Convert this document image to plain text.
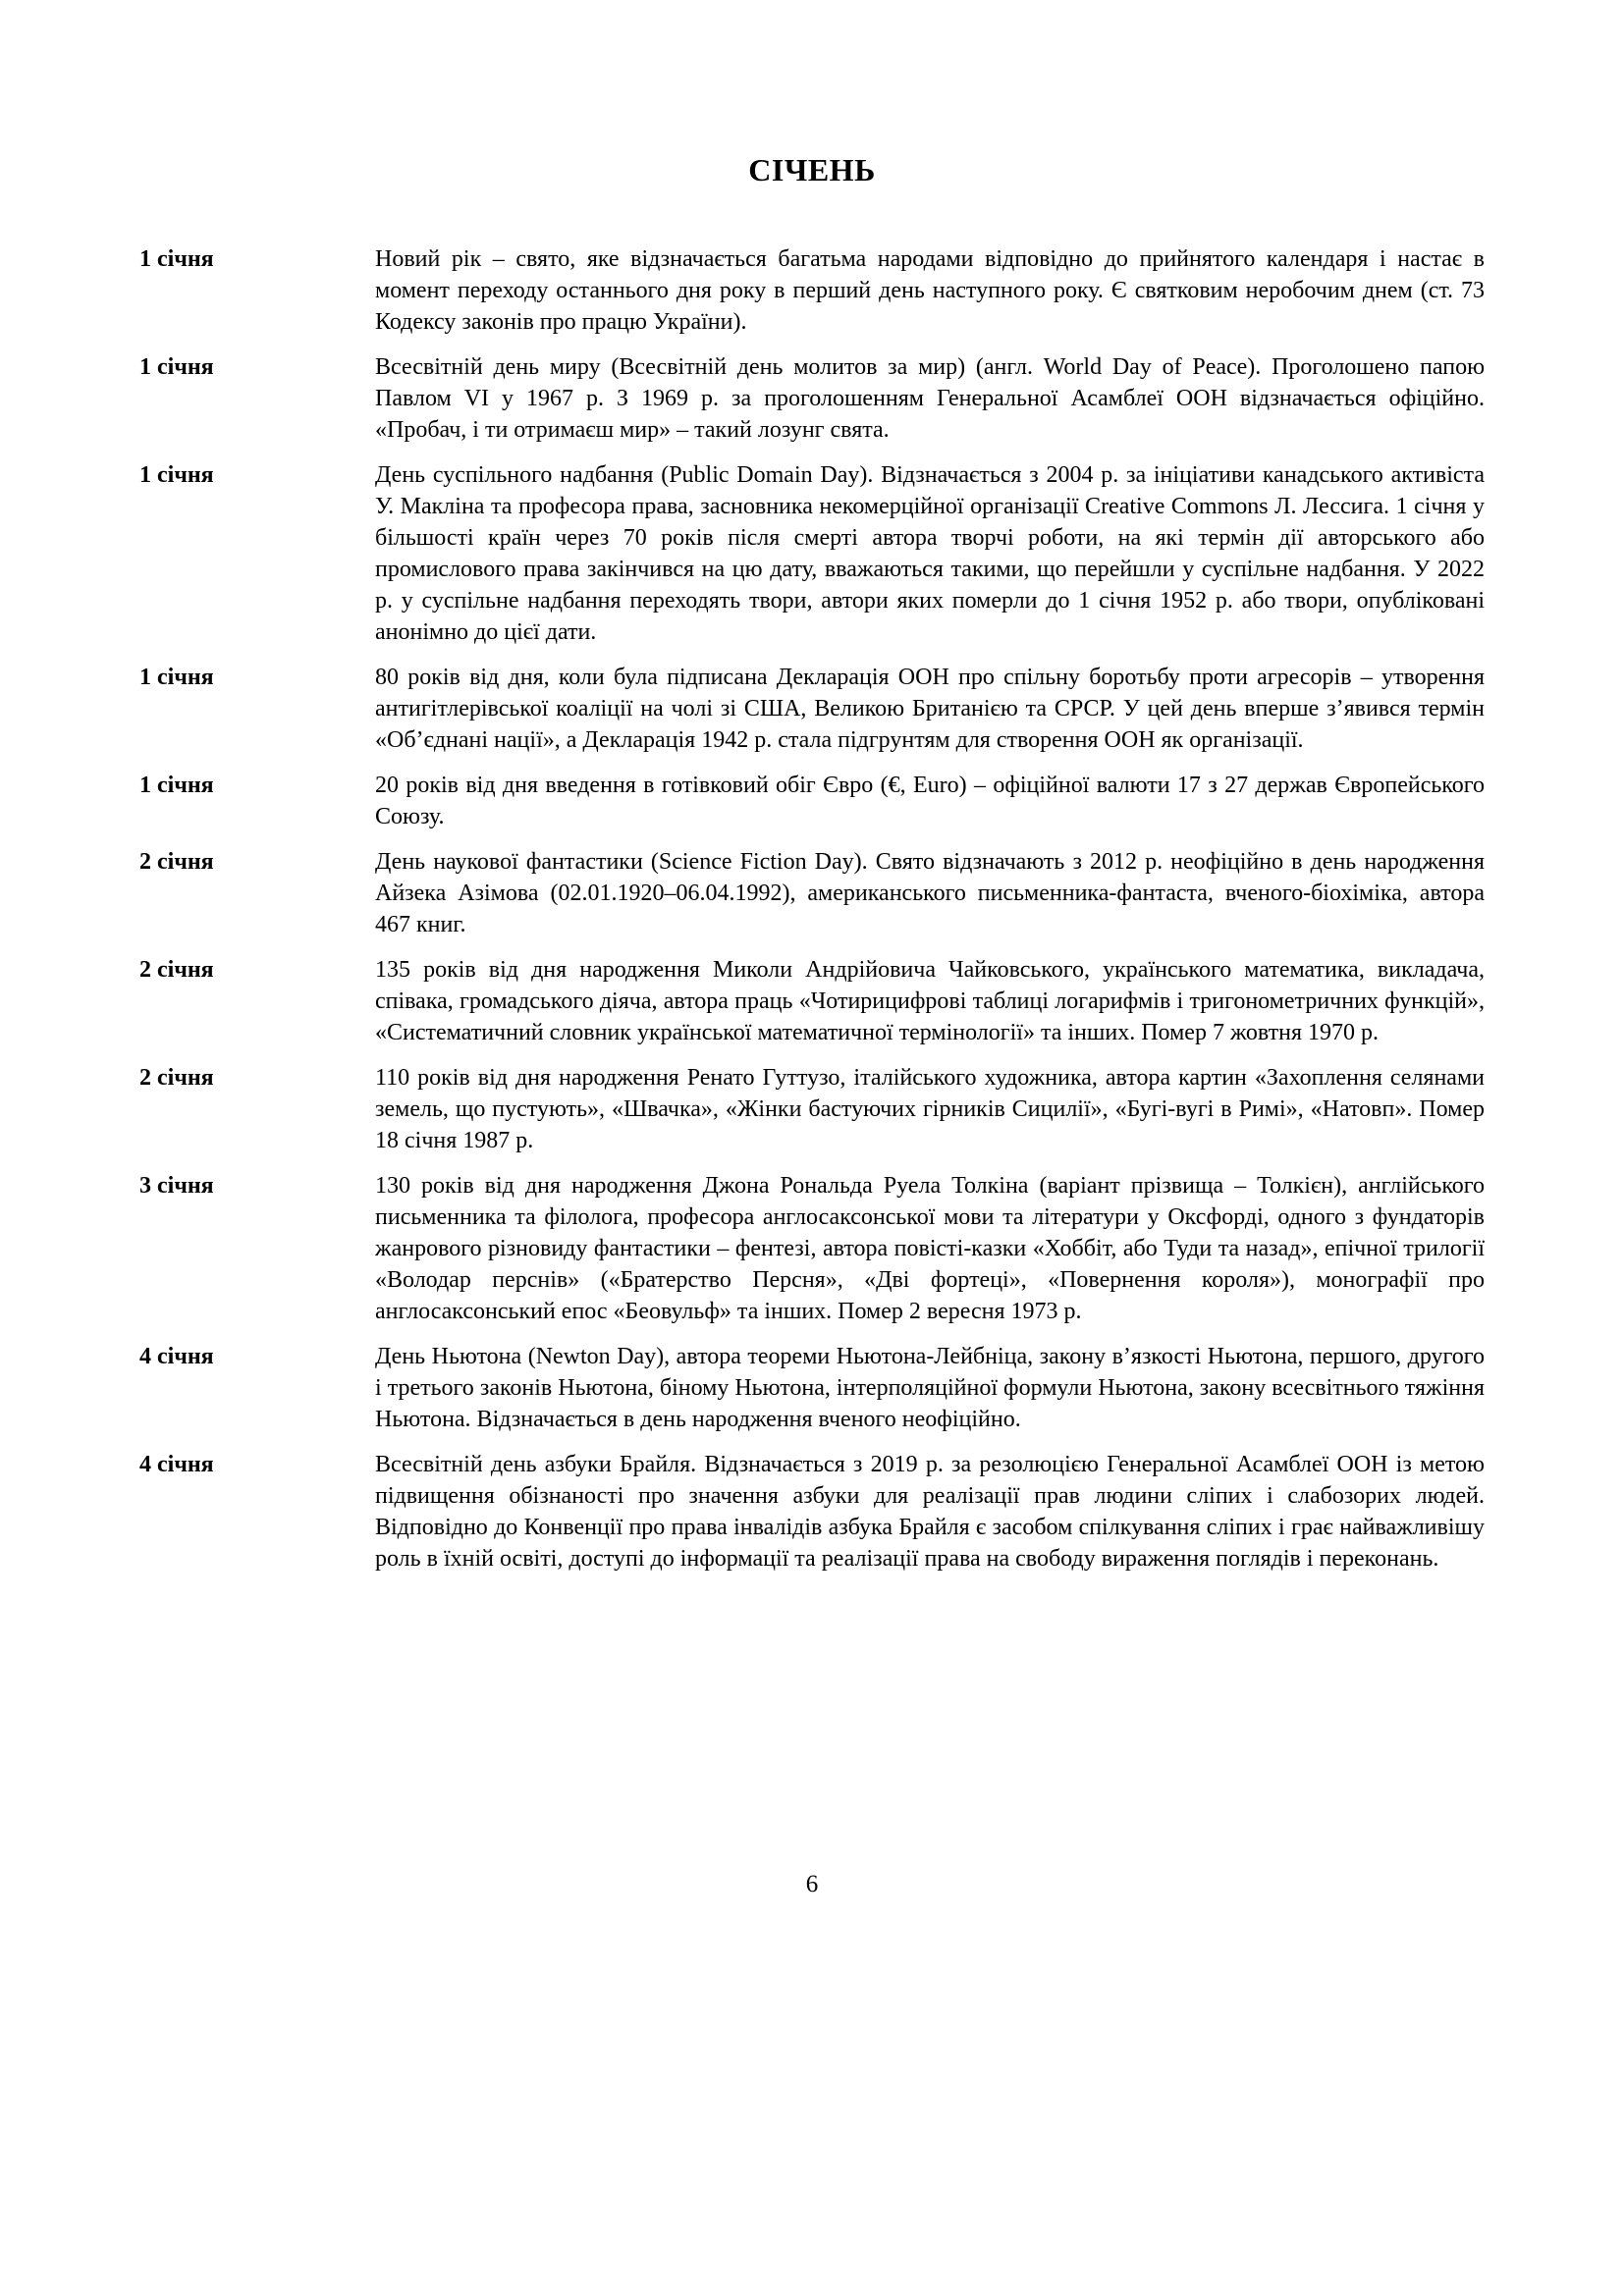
СІЧЕНЬ
1 січня	Новий рік – свято, яке відзначається багатьма народами відповідно до прийнятого календаря і настає в момент переходу останнього дня року в перший день наступного року. Є святковим неробочим днем (ст. 73 Кодексу законів про працю України).
1 січня	Всесвітній день миру (Всесвітній день молитов за мир) (англ. World Day of Peace). Проголошено папою Павлом VI у 1967 р. З 1969 р. за проголошенням Генеральної Асамблеї ООН відзначається офіційно. «Пробач, і ти отримаєш мир» – такий лозунг свята.
1 січня	День суспільного надбання (Public Domain Day). Відзначається з 2004 р. за ініціативи канадського активіста У. Макліна та професора права, засновника некомерційної організації Creative Commons Л. Лессига. 1 січня у більшості країн через 70 років після смерті автора творчі роботи, на які термін дії авторського або промислового права закінчився на цю дату, вважаються такими, що перейшли у суспільне надбання. У 2022 р. у суспільне надбання переходять твори, автори яких померли до 1 січня 1952 р. або твори, опубліковані анонімно до цієї дати.
1 січня	80 років від дня, коли була підписана Декларація ООН про спільну боротьбу проти агресорів – утворення антигітлерівської коаліції на чолі зі США, Великою Британією та СРСР. У цей день вперше з’явився термін «Об’єднані нації», а Декларація 1942 р. стала підгрунтям для створення ООН як організації.
1 січня	20 років від дня введення в готівковий обіг Євро (€, Euro) – офіційної валюти 17 з 27 держав Європейського Союзу.
2 січня	День наукової фантастики (Science Fiction Day). Свято відзначають з 2012 р. неофіційно в день народження Айзека Азімова (02.01.1920–06.04.1992), американського письменника-фантаста, вченого-біохіміка, автора 467 книг.
2 січня	135 років від дня народження Миколи Андрійовича Чайковського, українського математика, викладача, співака, громадського діяча, автора праць «Чотирицифрові таблиці логарифмів і тригонометричних функцій», «Систематичний словник української математичної термінології» та інших. Помер 7 жовтня 1970 р.
2 січня	110 років від дня народження Ренато Гуттузо, італійського художника, автора картин «Захоплення селянами земель, що пустують», «Швачка», «Жінки бастуючих гірників Сицилії», «Бугі-вугі в Римі», «Натовп». Помер 18 січня 1987 р.
3 січня	130 років від дня народження Джона Рональда Руела Толкіна (варіант прізвища – Толкієн), англійського письменника та філолога, професора англосаксонської мови та літератури у Оксфорді, одного з фундаторів жанрового різновиду фантастики – фентезі, автора повісті-казки «Хоббіт, або Туди та назад», епічної трилогії «Володар перснів» («Братерство Персня», «Дві фортеці», «Повернення короля»), монографії про англосаксонський епос «Беовульф» та інших. Помер 2 вересня 1973 р.
4 січня	День Ньютона (Newton Day), автора теореми Ньютона-Лейбніца, закону в’язкості Ньютона, першого, другого і третього законів Ньютона, біному Ньютона, інтерполяційної формули Ньютона, закону всесвітнього тяжіння Ньютона. Відзначається в день народження вченого неофіційно.
4 січня	Всесвітній день азбуки Брайля. Відзначається з 2019 р. за резолюцією Генеральної Асамблеї ООН із метою підвищення обізнаності про значення азбуки для реалізації прав людини сліпих і слабозорих людей. Відповідно до Конвенції про права інвалідів азбука Брайля є засобом спілкування сліпих і грає найважливішу роль в їхній освіті, доступі до інформації та реалізації права на свободу вираження поглядів і переконань.
6
